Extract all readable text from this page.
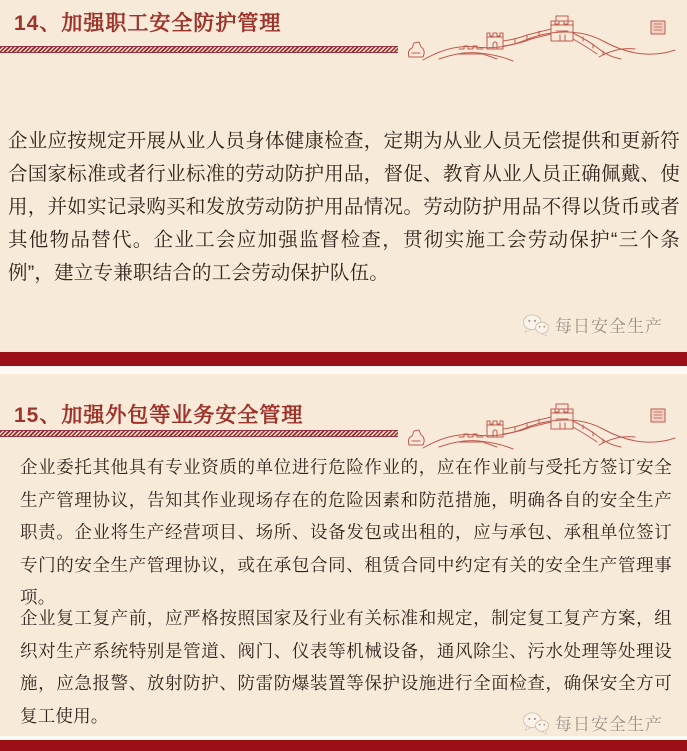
14、加强职工安全防护管理
企业应按规定开展从业人员身体健康检查，定期为从业人员无偿提供和更新符合国家标准或者行业标准的劳动防护用品，督促、教育从业人员正确佩戴、使用，并如实记录购买和发放劳动防护用品情况。劳动防护用品不得以货币或者其他物品替代。企业工会应加强监督检查，贯彻实施工会劳动保护“三个条例”，建立专兼职结合的工会劳动保护队伍。
每日安全生产
15、加强外包等业务安全管理
企业委托其他具有专业资质的单位进行危险作业的，应在作业前与受托方签订安全生产管理协议，告知其作业现场存在的危险因素和防范措施，明确各自的安全生产职责。企业将生产经营项目、场所、设备发包或出租的，应与承包、承租单位签订专门的安全生产管理协议，或在承包合同、租赁合同中约定有关的安全生产管理事项。
企业复工复产前，应严格按照国家及行业有关标准和规定，制定复工复产方案，组织对生产系统特别是管道、阀门、仪表等机械设备，通风除尘、污水处理等处理设施，应急报警、放射防护、防雷防爆装置等保护设施进行全面检查，确保安全方可复工使用。	每日安全生产
